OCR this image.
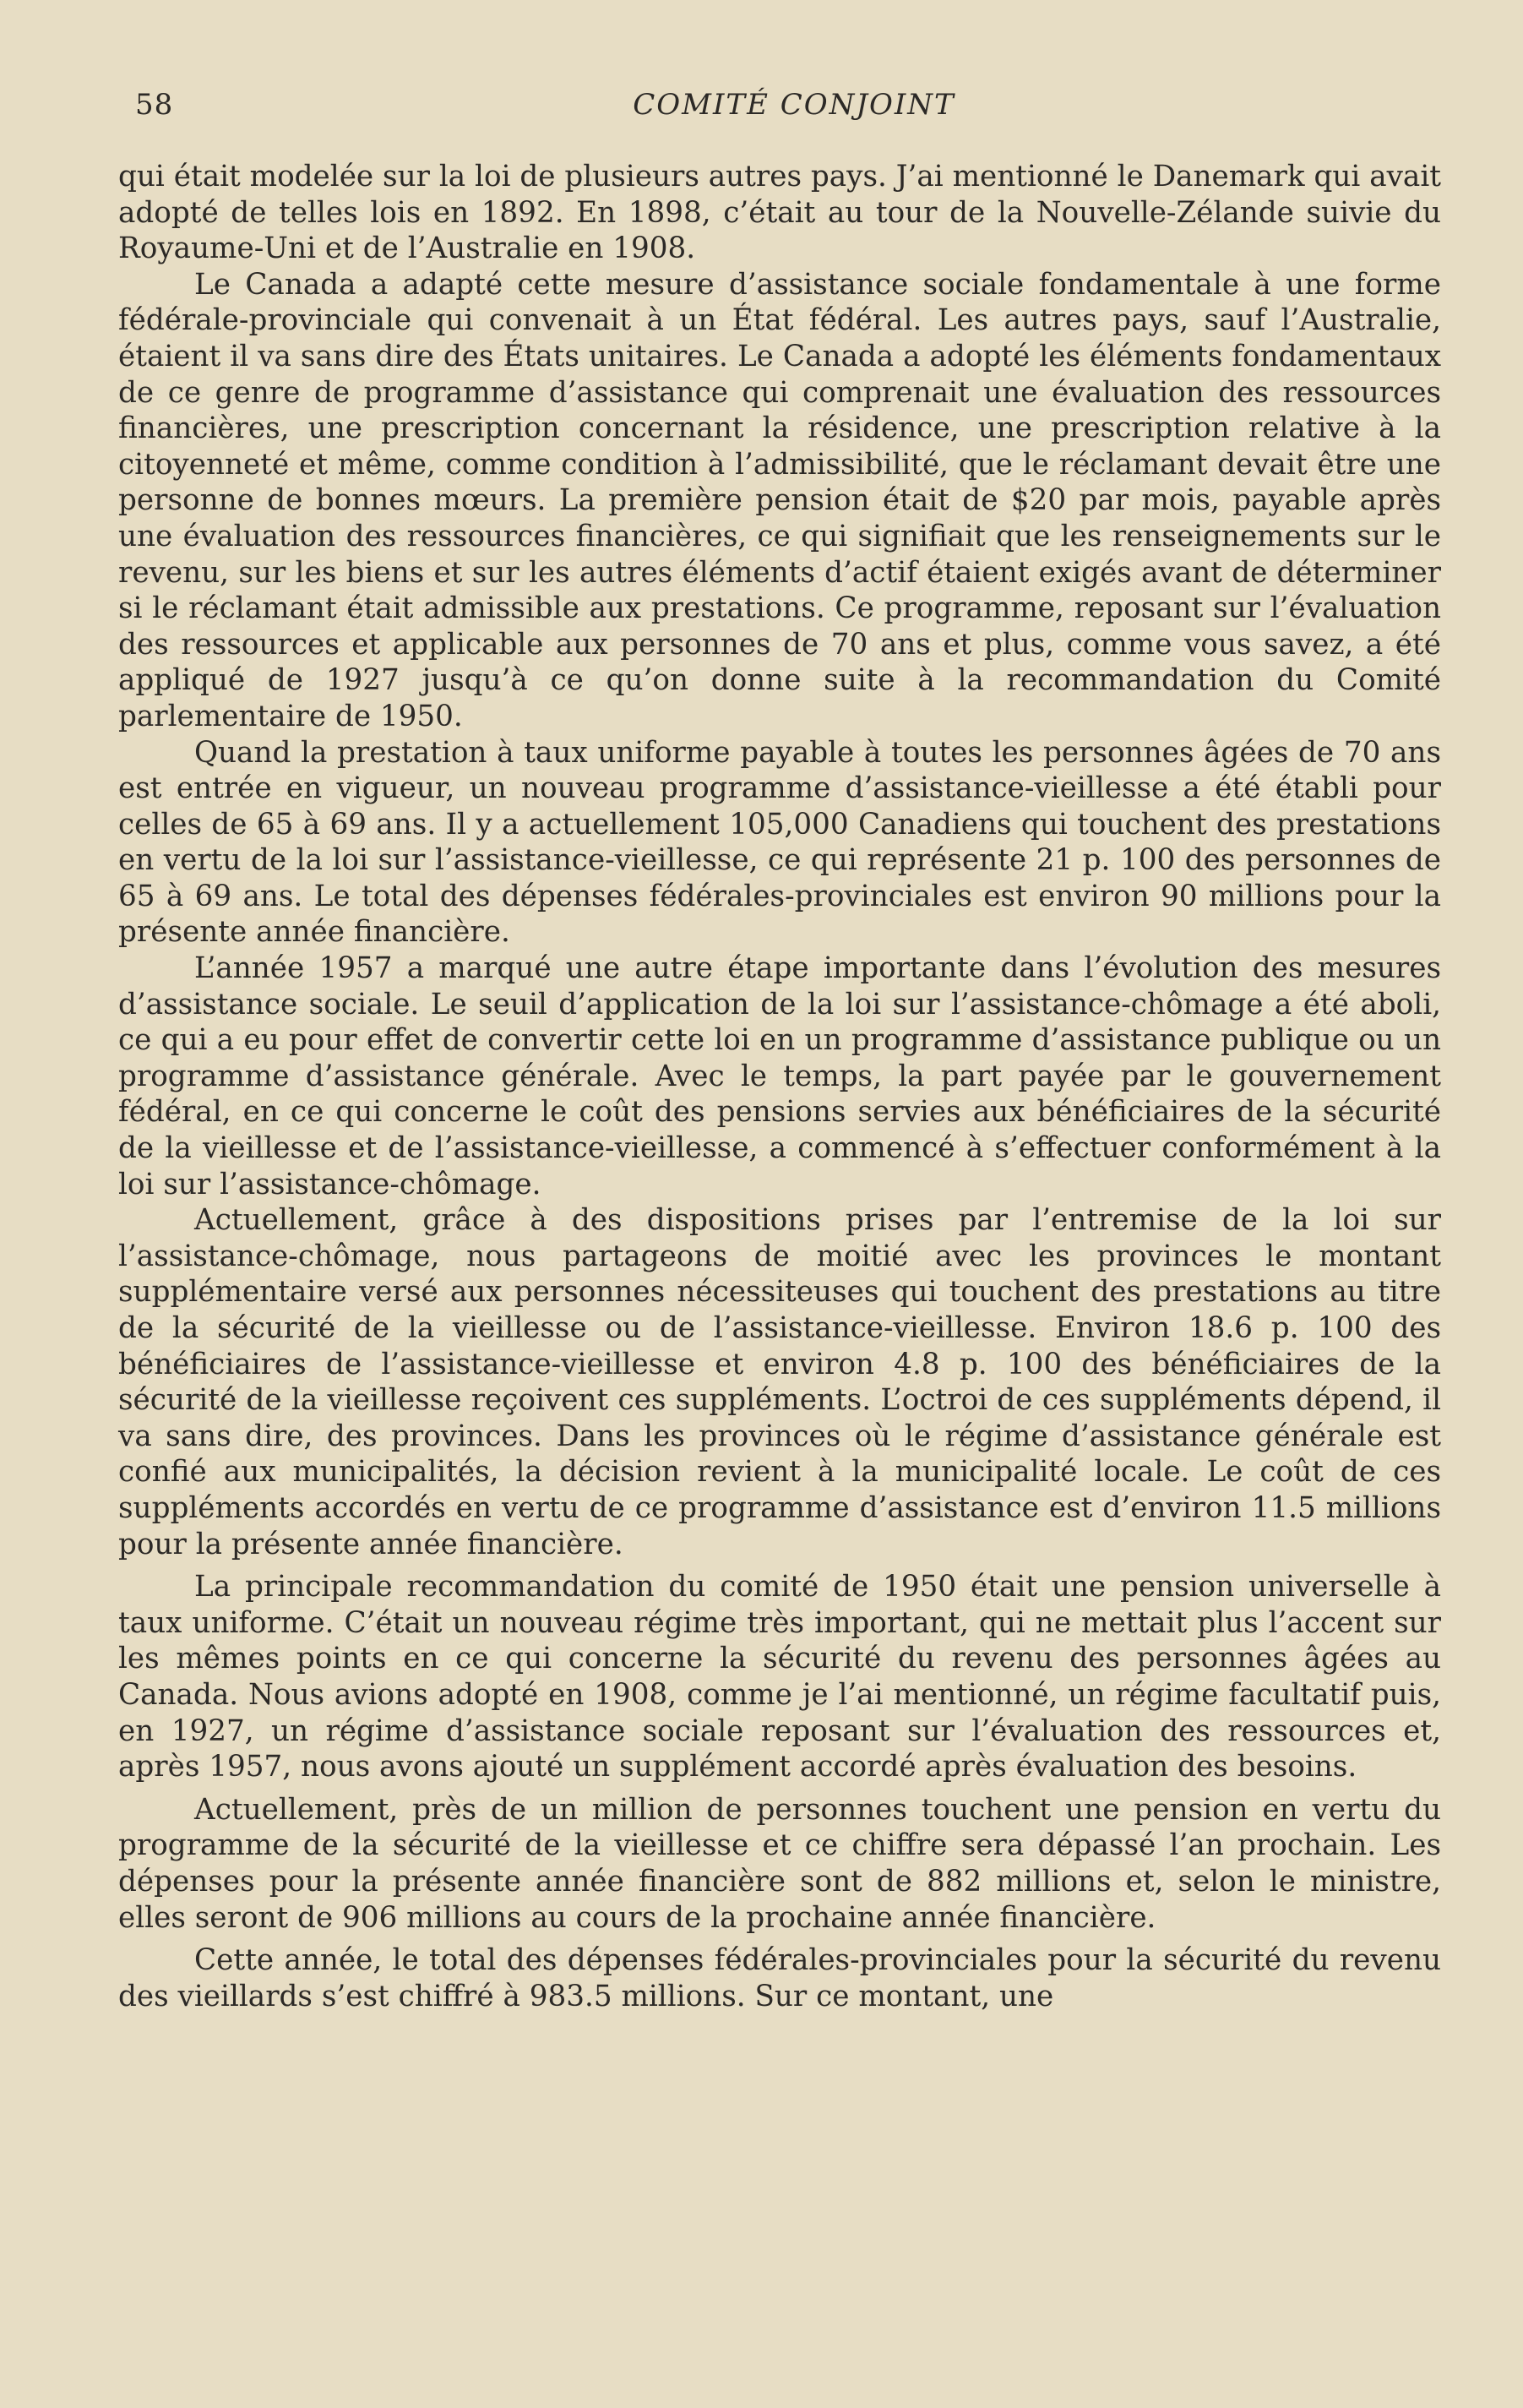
58	COMITÉ CONJOINT

qui était modelée sur la loi de plusieurs autres pays. J’ai mentionné le Danemark qui avait adopté de telles lois en 1892. En 1898, c’était au tour de la Nouvelle-Zélande suivie du Royaume-Uni et de l’Australie en 1908.

Le Canada a adapté cette mesure d’assistance sociale fondamentale à une forme fédérale-provinciale qui convenait à un État fédéral. Les autres pays, sauf l’Australie, étaient il va sans dire des États unitaires. Le Canada a adopté les éléments fondamentaux de ce genre de programme d’assistance qui comprenait une évaluation des ressources financières, une prescription concernant la résidence, une prescription relative à la citoyenneté et même, comme condition à l’admissibilité, que le réclamant devait être une personne de bonnes mœurs. La première pension était de $20 par mois, payable après une évaluation des ressources financières, ce qui signifiait que les renseignements sur le revenu, sur les biens et sur les autres éléments d’actif étaient exigés avant de déterminer si le réclamant était admissible aux prestations. Ce programme, reposant sur l’évaluation des ressources et applicable aux personnes de 70 ans et plus, comme vous savez, a été appliqué de 1927 jusqu’à ce qu’on donne suite à la recommandation du Comité parlementaire de 1950.

Quand la prestation à taux uniforme payable à toutes les personnes âgées de 70 ans est entrée en vigueur, un nouveau programme d’assistance-vieillesse a été établi pour celles de 65 à 69 ans. Il y a actuellement 105,000 Canadiens qui touchent des prestations en vertu de la loi sur l’assistance-vieillesse, ce qui représente 21 p. 100 des personnes de 65 à 69 ans. Le total des dépenses fédérales-provinciales est environ 90 millions pour la présente année financière.

L’année 1957 a marqué une autre étape importante dans l’évolution des mesures d’assistance sociale. Le seuil d’application de la loi sur l’assistance-chômage a été aboli, ce qui a eu pour effet de convertir cette loi en un programme d’assistance publique ou un programme d’assistance générale. Avec le temps, la part payée par le gouvernement fédéral, en ce qui concerne le coût des pensions servies aux bénéficiaires de la sécurité de la vieillesse et de l’assistance-vieillesse, a commencé à s’effectuer conformément à la loi sur l’assistance-chômage.

Actuellement, grâce à des dispositions prises par l’entremise de la loi sur l’assistance-chômage, nous partageons de moitié avec les provinces le montant supplémentaire versé aux personnes nécessiteuses qui touchent des prestations au titre de la sécurité de la vieillesse ou de l’assistance-vieillesse. Environ 18.6 p. 100 des bénéficiaires de l’assistance-vieillesse et environ 4.8 p. 100 des bénéficiaires de la sécurité de la vieillesse reçoivent ces suppléments. L’octroi de ces suppléments dépend, il va sans dire, des provinces. Dans les provinces où le régime d’assistance générale est confié aux municipalités, la décision revient à la municipalité locale. Le coût de ces suppléments accordés en vertu de ce programme d’assistance est d’environ 11.5 millions pour la présente année financière.

La principale recommandation du comité de 1950 était une pension universelle à taux uniforme. C’était un nouveau régime très important, qui ne mettait plus l’accent sur les mêmes points en ce qui concerne la sécurité du revenu des personnes âgées au Canada. Nous avions adopté en 1908, comme je l’ai mentionné, un régime facultatif puis, en 1927, un régime d’assistance sociale reposant sur l’évaluation des ressources et, après 1957, nous avons ajouté un supplément accordé après évaluation des besoins.

Actuellement, près de un million de personnes touchent une pension en vertu du programme de la sécurité de la vieillesse et ce chiffre sera dépassé l’an prochain. Les dépenses pour la présente année financière sont de 882 millions et, selon le ministre, elles seront de 906 millions au cours de la prochaine année financière.

Cette année, le total des dépenses fédérales-provinciales pour la sécurité du revenu des vieillards s’est chiffré à 983.5 millions. Sur ce montant, une
